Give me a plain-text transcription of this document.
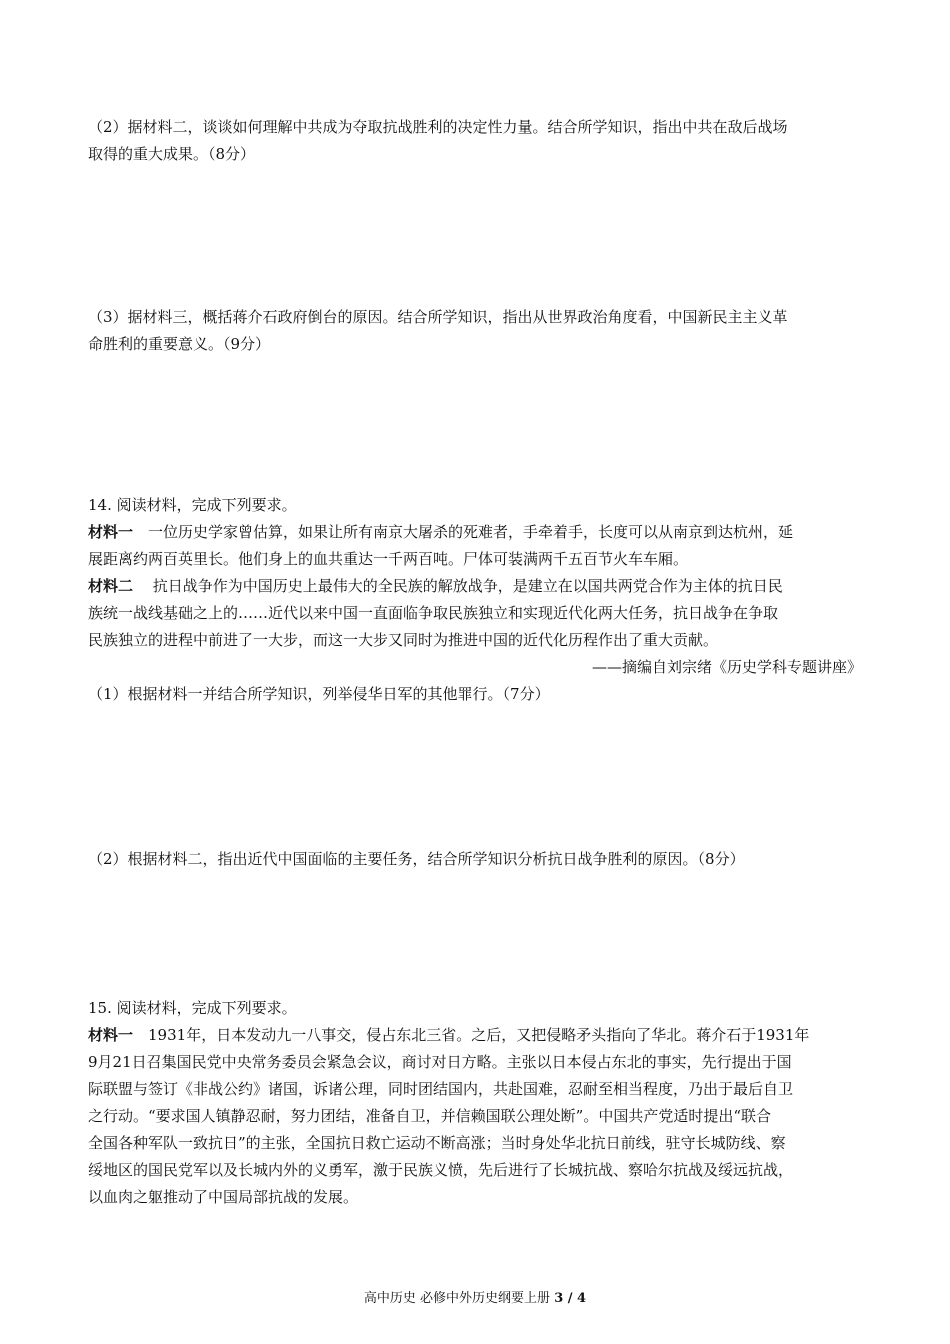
（2）据材料二，谈谈如何理解中共成为夺取抗战胜利的决定性力量。结合所学知识，指出中共在敌后战场
取得的重大成果。（8分）
（3）据材料三，概括蒋介石政府倒台的原因。结合所学知识，指出从世界政治角度看，中国新民主主义革
命胜利的重要意义。（9分）
14. 阅读材料，完成下列要求。
材料一　一位历史学家曾估算，如果让所有南京大屠杀的死难者，手牵着手，长度可以从南京到达杭州，延
展距离约两百英里长。他们身上的血共重达一千两百吨。尸体可装满两千五百节火车车厢。
材料二　 抗日战争作为中国历史上最伟大的全民族的解放战争，是建立在以国共两党合作为主体的抗日民
族统一战线基础之上的……近代以来中国一直面临争取民族独立和实现近代化两大任务，抗日战争在争取
民族独立的进程中前进了一大步，而这一大步又同时为推进中国的近代化历程作出了重大贡献。
——摘编自刘宗绪《历史学科专题讲座》
（1）根据材料一并结合所学知识，列举侵华日军的其他罪行。（7分）
（2）根据材料二，指出近代中国面临的主要任务，结合所学知识分析抗日战争胜利的原因。（8分）
15. 阅读材料，完成下列要求。
材料一　1931年，日本发动九一八事交，侵占东北三省。之后，又把侵略矛头指向了华北。蒋介石于1931年
9月21日召集国民党中央常务委员会紧急会议，商讨对日方略。主张以日本侵占东北的事实，先行提出于国
际联盟与签订《非战公约》诸国，诉诸公理，同时团结国内，共赴国难，忍耐至相当程度，乃出于最后自卫
之行动。“要求国人镇静忍耐，努力团结，准备自卫，并信赖国联公理处断”。中国共产党适时提出“联合
全国各种军队一致抗日”的主张，全国抗日救亡运动不断高涨；当时身处华北抗日前线，驻守长城防线、察
绥地区的国民党军以及长城内外的义勇军，激于民族义愤，先后进行了长城抗战、察哈尔抗战及绥远抗战，
以血肉之躯推动了中国局部抗战的发展。
高中历史 必修中外历史纲要上册 3 / 4
